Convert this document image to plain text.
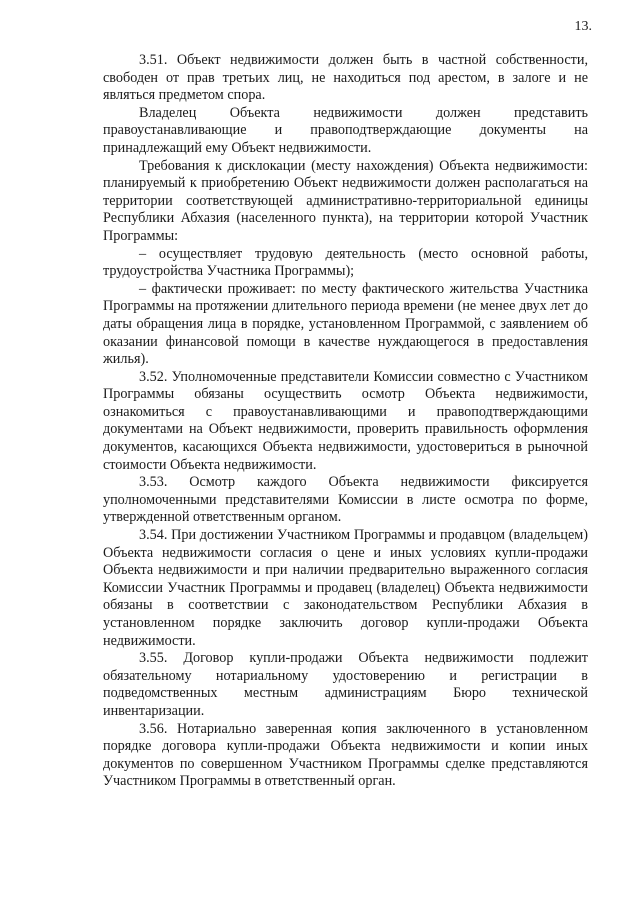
13.

3.51. Объект недвижимости должен быть в частной собственности, свободен от прав третьих лиц, не находиться под арестом, в залоге и не являться предметом спора.

Владелец Объекта недвижимости должен представить правоустанавливающие и правоподтверждающие документы на принадлежащий ему Объект недвижимости.

Требования к дисклокации (месту нахождения) Объекта недвижимости: планируемый к приобретению Объект недвижимости должен располагаться на территории соответствующей административно-территориальной единицы Республики Абхазия (населенного пункта), на территории которой Участник Программы:

– осуществляет трудовую деятельность (место основной работы, трудоустройства Участника Программы);

– фактически проживает: по месту фактического жительства Участника Программы на протяжении длительного периода времени (не менее двух лет до даты обращения лица в порядке, установленном Программой, с заявлением об оказании финансовой помощи в качестве нуждающегося в предоставления жилья).

3.52. Уполномоченные представители Комиссии совместно с Участником Программы обязаны осуществить осмотр Объекта недвижимости, ознакомиться с правоустанавливающими и правоподтверждающими документами на Объект недвижимости, проверить правильность оформления документов, касающихся Объекта недвижимости, удостовериться в рыночной стоимости Объекта недвижимости.

3.53. Осмотр каждого Объекта недвижимости фиксируется уполномоченными представителями Комиссии в листе осмотра по форме, утвержденной ответственным органом.

3.54. При достижении Участником Программы и продавцом (владельцем) Объекта недвижимости согласия о цене и иных условиях купли-продажи Объекта недвижимости и при наличии предварительно выраженного согласия Комиссии Участник Программы и продавец (владелец) Объекта недвижимости обязаны в соответствии с законодательством Республики Абхазия в установленном порядке заключить договор купли-продажи Объекта недвижимости.

3.55. Договор купли-продажи Объекта недвижимости подлежит обязательному нотариальному удостоверению и регистрации в подведомственных местным администрациям Бюро технической инвентаризации.

3.56. Нотариально заверенная копия заключенного в установленном порядке договора купли-продажи Объекта недвижимости и копии иных документов по совершенном Участником Программы сделке представляются Участником Программы в ответственный орган.
